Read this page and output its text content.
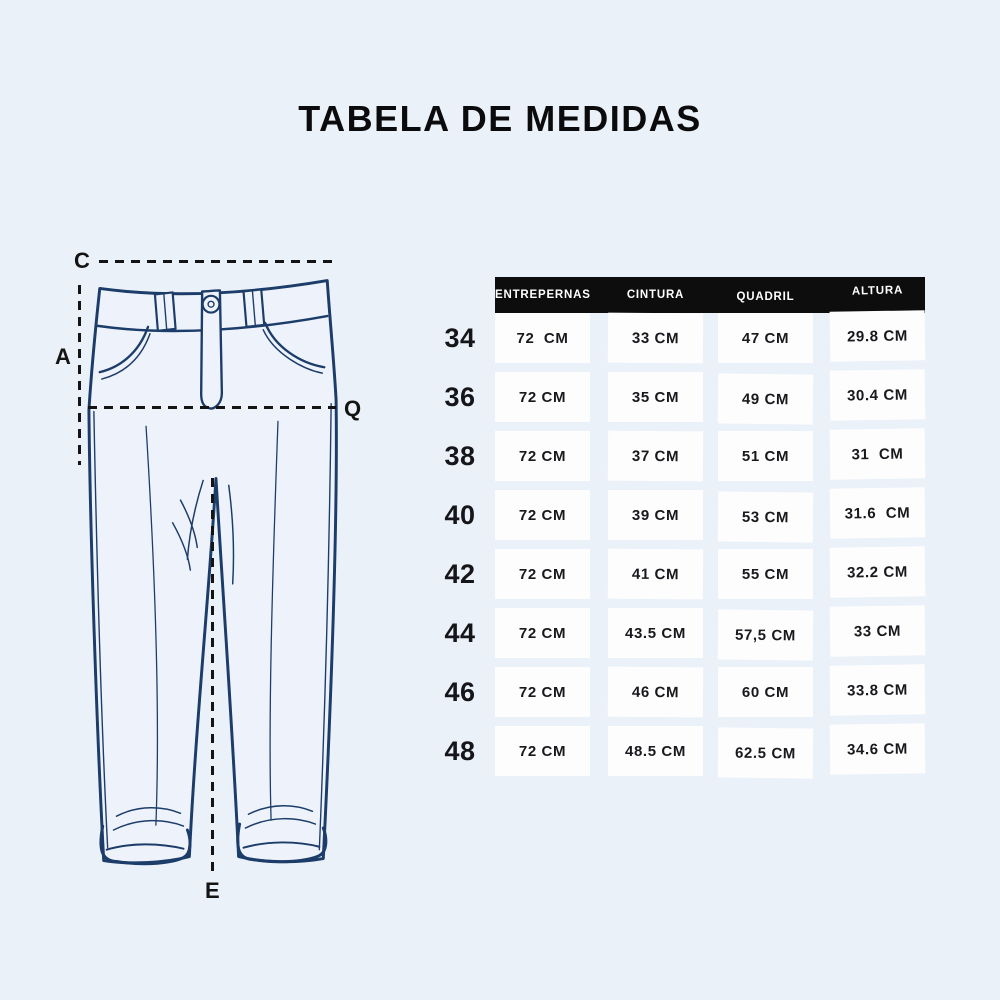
TABELA DE MEDIDAS
C
A
Q
E
ENTREPERNAS	CINTURA	QUADRIL	ALTURA
34	72  CM	33 CM	47 CM	29.8 CM
36	72 CM	35 CM	49 CM	30.4 CM
38	72 CM	37 CM	51 CM	31  CM
40	72 CM	39 CM	53 CM	31.6  CM
42	72 CM	41 CM	55 CM	32.2 CM
44	72 CM	43.5 CM	57,5 CM	33 CM
46	72 CM	46 CM	60 CM	33.8 CM
48	72 CM	48.5 CM	62.5 CM	34.6 CM
